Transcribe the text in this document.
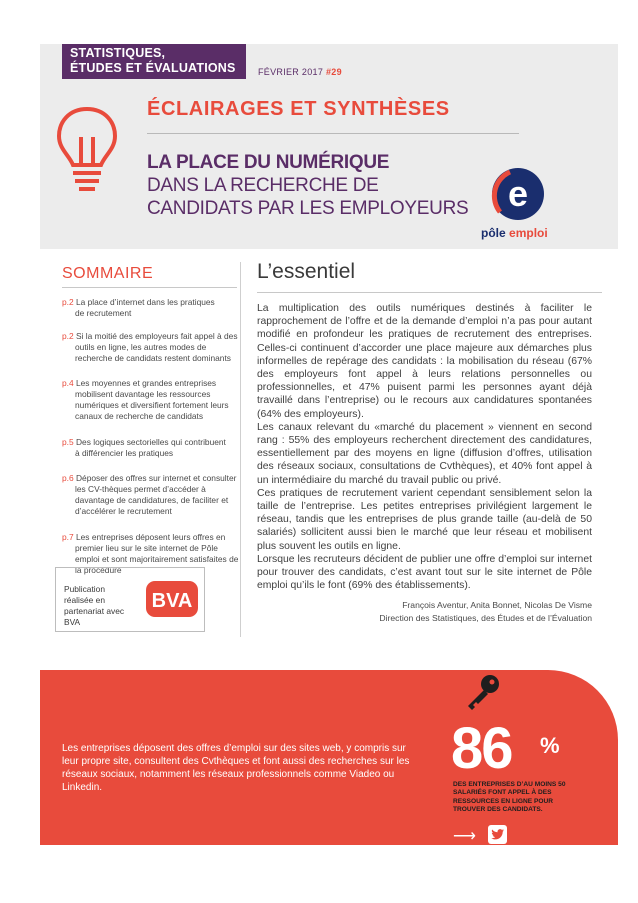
STATISTIQUES,
ÉTUDES ET ÉVALUATIONS FÉVRIER 2017 #29
ÉCLAIRAGES ET SYNTHÈSES
LA PLACE DU NUMÉRIQUE
DANS LA RECHERCHE DE CANDIDATS PAR LES EMPLOYEURS e
pôle emploi
SOMMAIRE
p.2 La place d’internet dans les pratiques
de recrutement
p.2 Si la moitié des employeurs fait appel à des
outils en ligne, les autres modes de recherche de candidats restent dominants
p.4 Les moyennes et grandes entreprises
mobilisent davantage les ressources numériques et diversifient fortement leurs canaux de recherche de candidats
p.5 Des logiques sectorielles qui contribuent
à différencier les pratiques
p.6 Déposer des offres sur internet et consulter
les CV-thèques permet d’accéder à davantage de candidatures, de faciliter et d’accélérer le recrutement
p.7 Les entreprises déposent leurs offres en
premier lieu sur le site internet de Pôle emploi et sont majoritairement satisfaites de la procédure
Publication réalisée en partenariat avec BVA
BVA
L’essentiel

La multiplication des outils numériques destinés à faciliter le rapprochement de l’offre et de la demande d’emploi n’a pas pour autant modifié en profondeur les pratiques de recrutement des entreprises. Celles-ci continuent d’accorder une place majeure aux démarches plus informelles de repérage des candidats : la mobilisation du réseau (67% des employeurs font appel à leurs relations personnelles ou professionnelles, et 47% puisent parmi les personnes ayant déjà travaillé dans l’entreprise) ou le recours aux candidatures spontanées (64% des employeurs).

Les canaux relevant du «marché du placement » viennent en second rang : 55% des employeurs recherchent directement des candidatures, essentiellement par des moyens en ligne (diffusion d’offres, utilisation des réseaux sociaux, consultations de Cvthèques), et 40% font appel à un intermédiaire du marché du travail public ou privé.

Ces pratiques de recrutement varient cependant sensiblement selon la taille de l’entreprise. Les petites entreprises privilégient largement le réseau, tandis que les entreprises de plus grande taille (au-delà de 50 salariés) sollicitent aussi bien le marché que leur réseau et mobilisent plus souvent les outils en ligne.

Lorsque les recruteurs décident de publier une offre d’emploi sur internet pour trouver des candidats, c’est avant tout sur le site internet de Pôle emploi qu’ils le font (69% des établissements).

François Aventur, Anita Bonnet, Nicolas De Visme
Direction des Statistiques, des Études et de l’Évaluation
Les entreprises déposent des offres d’emploi sur des sites web, y compris sur leur propre site, consultent des Cvthèques et font aussi des recherches sur les réseaux sociaux, notamment les réseaux professionnels comme Viadeo ou Linkedin.
86 %
DES ENTREPRISES D’AU MOINS 50 SALARIÉS FONT APPEL À DES RESSOURCES EN LIGNE POUR TROUVER DES CANDIDATS.
⟶
